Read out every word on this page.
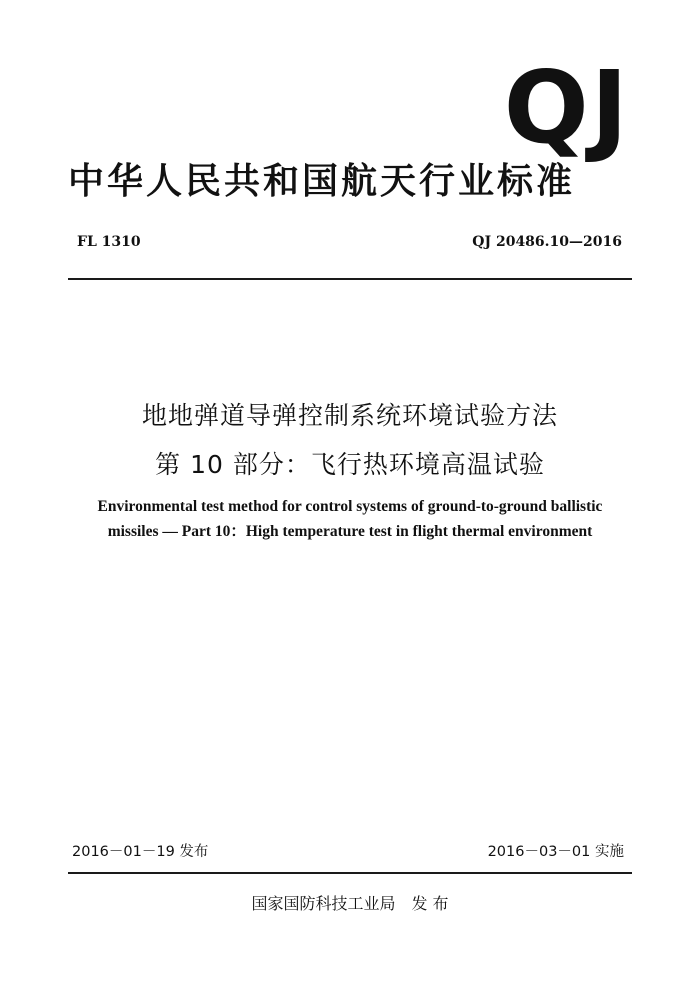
QJ
中华人民共和国航天行业标准
FL 1310	QJ 20486.10—2016
地地弹道导弹控制系统环境试验方法
第 10 部分：飞行热环境高温试验
Environmental test method for control systems of ground-to-ground ballistic
missiles — Part 10：High temperature test in flight thermal environment
2016－01－19 发布	2016－03－01 实施
国家国防科技工业局 发 布
